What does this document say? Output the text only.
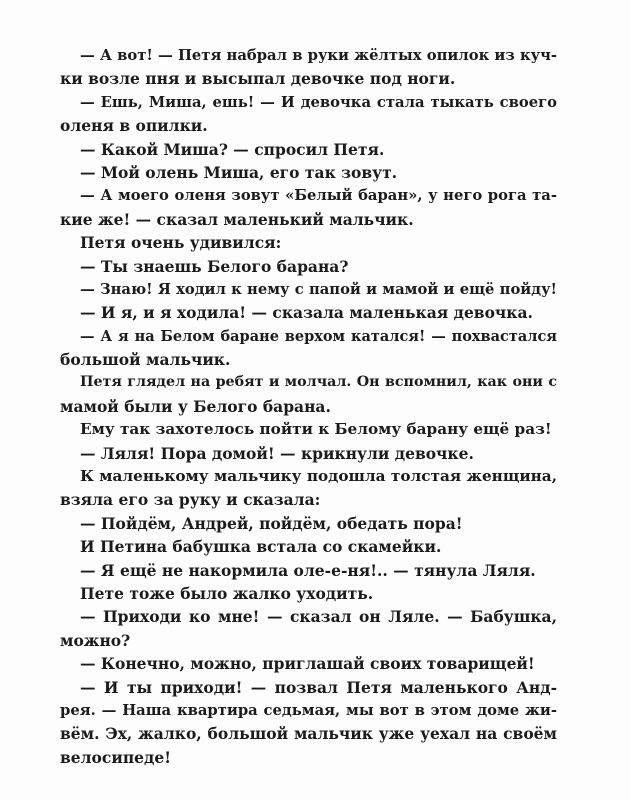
— А вот! — Петя набрал в руки жёлтых опилок из куч-
ки возле пня и высыпал девочке под ноги.
— Ешь, Миша, ешь! — И девочка стала тыкать своего
оленя в опилки.
— Какой Миша? — спросил Петя.
— Мой олень Миша, его так зовут.
— А моего оленя зовут «Белый баран», у него рога та-
кие же! — сказал маленький мальчик.
Петя очень удивился:
— Ты знаешь Белого барана?
— Знаю! Я ходил к нему с папой и мамой и ещё пойду!
— И я, и я ходила! — сказала маленькая девочка.
— А я на Белом баране верхом катался! — похвастался
большой мальчик.
Петя глядел на ребят и молчал. Он вспомнил, как они с
мамой были у Белого барана.
Ему так захотелось пойти к Белому барану ещё раз!
— Ляля! Пора домой! — крикнули девочке.
К маленькому мальчику подошла толстая женщина,
взяла его за руку и сказала:
— Пойдём, Андрей, пойдём, обедать пора!
И Петина бабушка встала со скамейки.
— Я ещё не накормила оле-е-ня!.. — тянула Ляля.
Пете тоже было жалко уходить.
— Приходи ко мне! — сказал он Ляле. — Бабушка,
можно?
— Конечно, можно, приглашай своих товарищей!
— И ты приходи! — позвал Петя маленького Анд-
рея. — Наша квартира седьмая, мы вот в этом доме жи-
вём. Эх, жалко, большой мальчик уже уехал на своём
велосипеде!
